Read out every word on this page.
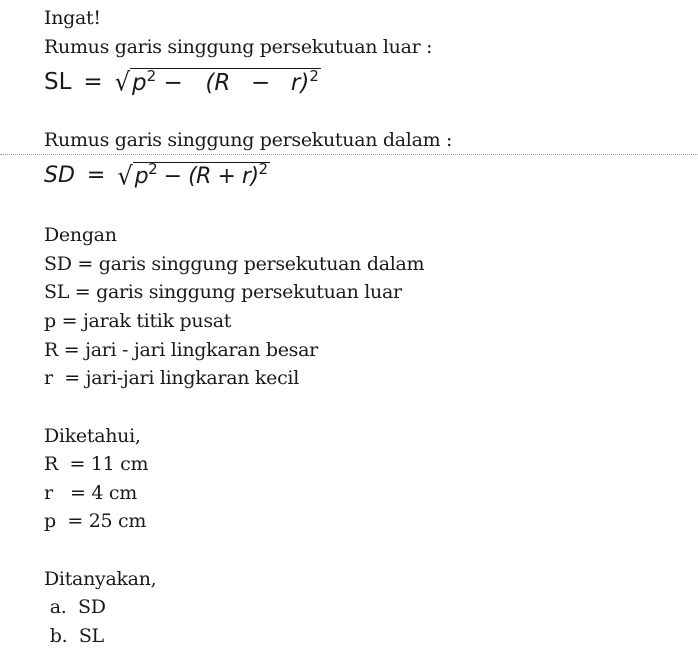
Ingat!
Rumus garis singgung persekutuan luar :
SL = √ $p^2 - (R - r)^2$
Rumus garis singgung persekutuan dalam :
SD = √ $p^2 - (R + r)^2$
Dengan
SD = garis singgung persekutuan dalam
SL = garis singgung persekutuan luar
p = jarak titik pusat
R = jari - jari lingkaran besar
r  = jari-jari lingkaran kecil
Diketahui,
R  = 11 cm
r   = 4 cm
p  = 25 cm
Ditanyakan,
a.  SD
b.  SL
